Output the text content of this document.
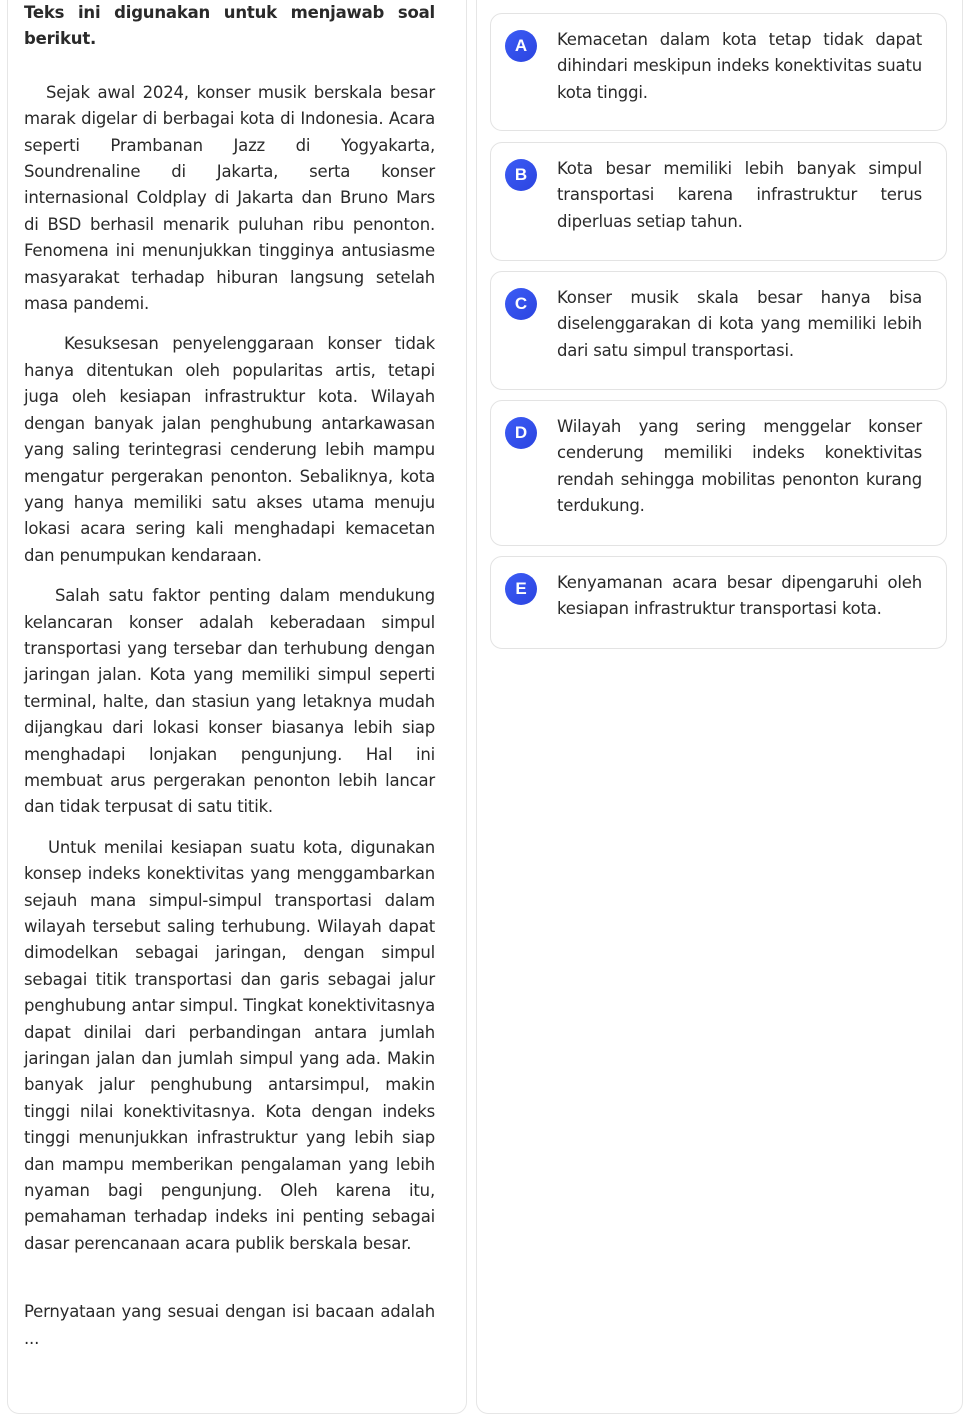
Teks ini digunakan untuk menjawab soal berikut.

Sejak awal 2024, konser musik berskala besar marak digelar di berbagai kota di Indonesia. Acara seperti Prambanan Jazz di Yogyakarta, Soundrenaline di Jakarta, serta konser internasional Coldplay di Jakarta dan Bruno Mars di BSD berhasil menarik puluhan ribu penonton. Fenomena ini menunjukkan tingginya antusiasme masyarakat terhadap hiburan langsung setelah masa pandemi.

Kesuksesan penyelenggaraan konser tidak hanya ditentukan oleh popularitas artis, tetapi juga oleh kesiapan infrastruktur kota. Wilayah dengan banyak jalan penghubung antarkawasan yang saling terintegrasi cenderung lebih mampu mengatur pergerakan penonton. Sebaliknya, kota yang hanya memiliki satu akses utama menuju lokasi acara sering kali menghadapi kemacetan dan penumpukan kendaraan.

Salah satu faktor penting dalam mendukung kelancaran konser adalah keberadaan simpul transportasi yang tersebar dan terhubung dengan jaringan jalan. Kota yang memiliki simpul seperti terminal, halte, dan stasiun yang letaknya mudah dijangkau dari lokasi konser biasanya lebih siap menghadapi lonjakan pengunjung. Hal ini membuat arus pergerakan penonton lebih lancar dan tidak terpusat di satu titik.

Untuk menilai kesiapan suatu kota, digunakan konsep indeks konektivitas yang menggambarkan sejauh mana simpul-simpul transportasi dalam wilayah tersebut saling terhubung. Wilayah dapat dimodelkan sebagai jaringan, dengan simpul sebagai titik transportasi dan garis sebagai jalur penghubung antar simpul. Tingkat konektivitasnya dapat dinilai dari perbandingan antara jumlah jaringan jalan dan jumlah simpul yang ada. Makin banyak jalur penghubung antarsimpul, makin tinggi nilai konektivitasnya. Kota dengan indeks tinggi menunjukkan infrastruktur yang lebih siap dan mampu memberikan pengalaman yang lebih nyaman bagi pengunjung. Oleh karena itu, pemahaman terhadap indeks ini penting sebagai dasar perencanaan acara publik berskala besar.

Pernyataan yang sesuai dengan isi bacaan adalah ...

A	Kemacetan dalam kota tetap tidak dapat dihindari meskipun indeks konektivitas suatu kota tinggi.
B	Kota besar memiliki lebih banyak simpul transportasi karena infrastruktur terus diperluas setiap tahun.
C	Konser musik skala besar hanya bisa diselenggarakan di kota yang memiliki lebih dari satu simpul transportasi.
D	Wilayah yang sering menggelar konser cenderung memiliki indeks konektivitas rendah sehingga mobilitas penonton kurang terdukung.
E	Kenyamanan acara besar dipengaruhi oleh kesiapan infrastruktur transportasi kota.
